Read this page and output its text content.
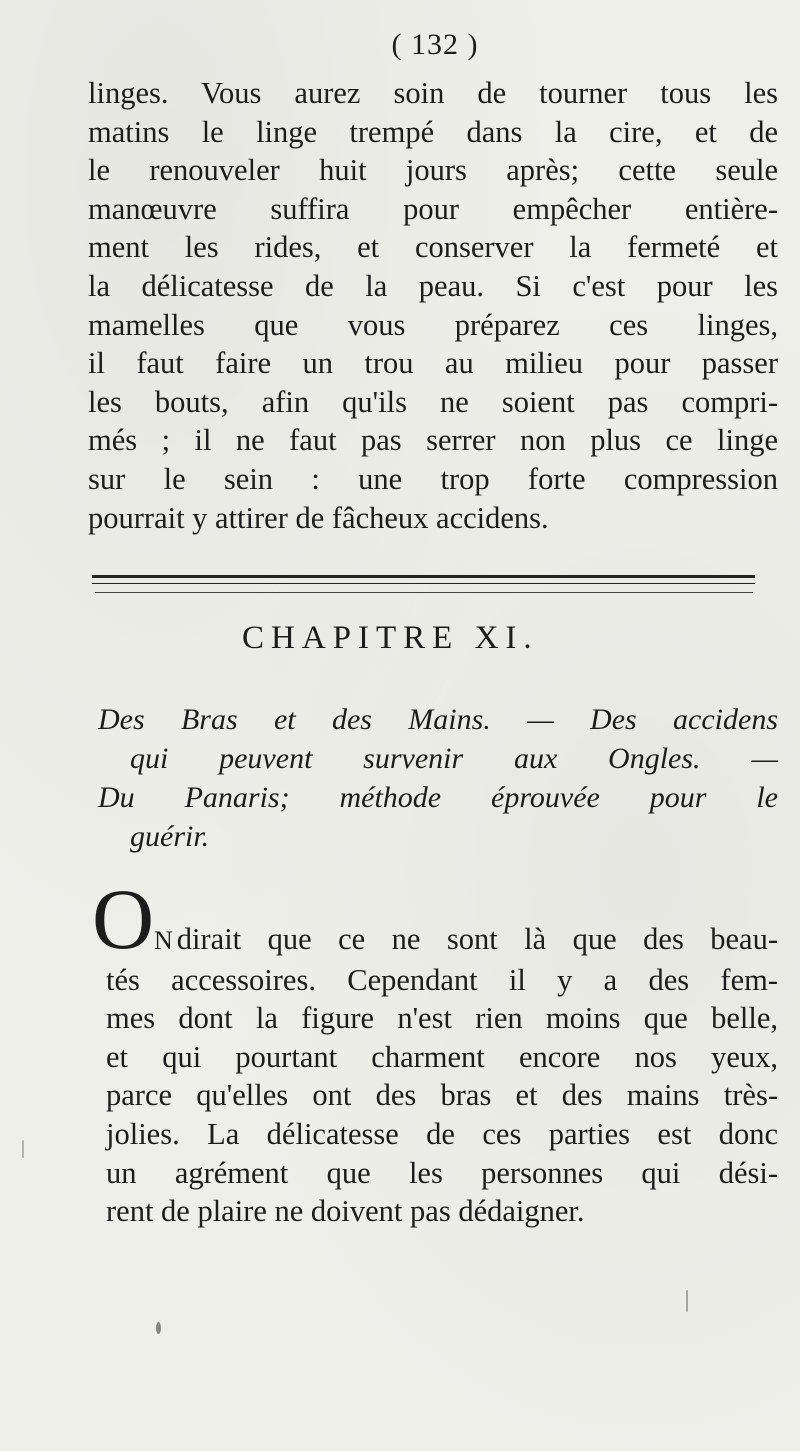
( 132 )
linges. Vous aurez soin de tourner tous les
matins le linge trempé dans la cire, et de
le renouveler huit jours après; cette seule
manœuvre suffira pour empêcher entière-
ment les rides, et conserver la fermeté et
la délicatesse de la peau. Si c'est pour les
mamelles que vous préparez ces linges,
il faut faire un trou au milieu pour passer
les bouts, afin qu'ils ne soient pas compri-
més ; il ne faut pas serrer non plus ce linge
sur le sein : une trop forte compression
pourrait y attirer de fâcheux accidens.
CHAPITRE XI.
Des Bras et des Mains. — Des accidens
qui peuvent survenir aux Ongles. —
Du Panaris; méthode éprouvée pour le
guérir.
O N dirait que ce ne sont là que des beau-
tés accessoires. Cependant il y a des fem-
mes dont la figure n'est rien moins que belle,
et qui pourtant charment encore nos yeux,
parce qu'elles ont des bras et des mains très-
jolies. La délicatesse de ces parties est donc
un agrément que les personnes qui dési-
rent de plaire ne doivent pas dédaigner.
